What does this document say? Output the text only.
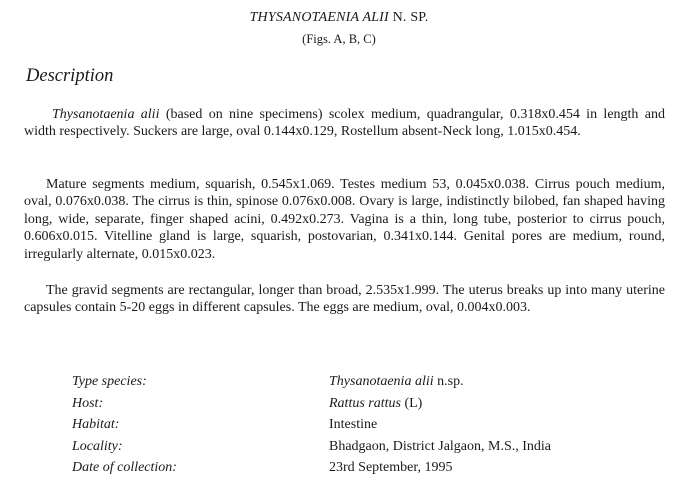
THYSANOTAENIA ALII N. SP.
(Figs. A, B, C)
Description

Thysanotaenia alii (based on nine specimens) scolex medium, quadrangular, 0.318x0.454 in length and width respectively. Suckers are large, oval 0.144x0.129, Rostellum absent-Neck long, 1.015x0.454.

Mature segments medium, squarish, 0.545x1.069. Testes medium 53, 0.045x0.038. Cirrus pouch medium, oval, 0.076x0.038. The cirrus is thin, spinose 0.076x0.008. Ovary is large, indistinctly bilobed, fan shaped having long, wide, separate, finger shaped acini, 0.492x0.273. Vagina is a thin, long tube, posterior to cirrus pouch, 0.606x0.015. Vitelline gland is large, squarish, postovarian, 0.341x0.144. Genital pores are medium, round, irregularly alternate, 0.015x0.023.

The gravid segments are rectangular, longer than broad, 2.535x1.999. The uterus breaks up into many uterine capsules contain 5-20 eggs in different capsules. The eggs are medium, oval, 0.004x0.003.

Type species:	Thysanotaenia alii n.sp.
Host:	Rattus rattus (L)
Habitat:	Intestine
Locality:	Bhadgaon, District Jalgaon, M.S., India
Date of collection:	23rd September, 1995
